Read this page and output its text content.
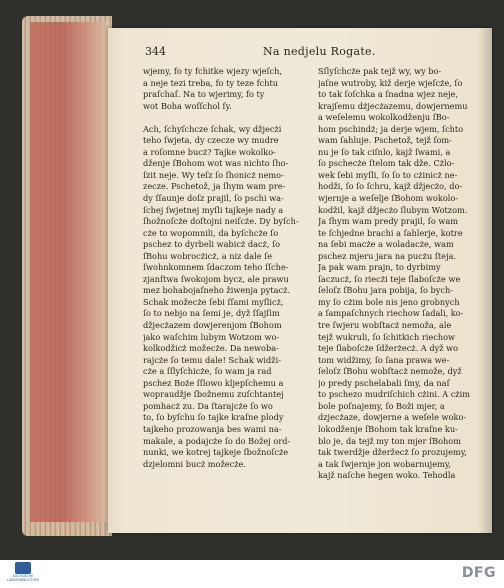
344	Na nedjelu Rogate.

wjemy, fo ty fchitke wjezy wjeſch,

a neje tezi treba, fo ty teze fchtu

praſchaſ. Na to wjerimy, fo ty

wot Boha woſſchol ſy.

Ach, ſchyſchcze ſchak, wy džjecżi

teho ſwjeta, dy czecze wy mudre

a roſomne bucż? Tajke wokolko-

dženje ſBohom wot was nichto ſho-

ſzit neje. Wy teſz ſo ſhonicż nemo-

zecze. Pschetož, ja ſhym wam pre-

dy ſſaunje doſz prajil, ſo pschi wa-

ſchej ſwjetnej myſli tajkeje nady a

ſhožnoſcże doſtojni neiſcże. Dy byſch-

cże to wopomnili, da byſchcże ſo

pschez to dyrbeli wabicż dacż, ſo

ſBohu wobrocżicż, a niz dale ſe

ſwohnkomnem ſdaczom teho ſſche-

zjanſtwa ſwokojom bycz, ale prawu

mez bohabojaſneho žiwenja pytacż.

Schak možecże ſebi ſſami myſlicż,

ſo to nebjo na ſemi je, dyž ſſajſim

džjecżazem dowjerenjom ſBohom

jako waſchim lubym Wotzom wo-

kolkodžicż možecże. Da newoba-

rajcże ſo temu dale! Schak widži-

cże a ſſlyſchicże, ſo wam ja rad

pschez Boże ſſlowo kljepſchemu a

wopraudžje ſbožnemu zuſchtantej

pomhacż zu. Da ſtarajcże ſo wo

to, ſo byſchu ſo tajke kraſne plody

tajkeho prozowanja bes wami na-

makale, a podajcże ſo do Božej ord-

nunki, we kotrej tajkeje ſbožnoſcże

dzjelomni bucż možecże.

Sſlyſchcże pak tejž wy, wy bo-

jaſne wutroby, kiž derje wjeſcże, ſo

to tak ſoſchka a ſnadna wjez neje,

krajſemu dżjecżazemu, dowjernemu

a weſelemu wokolkodženju ſBo-

hom pschindż; ja derje wjem, ſchto

wam ſahluje. Pschetož, tejž ſom-

nu je ſo tak ciſnlo, kajž ſwami, a

ſo pschecże ſtelom tak dže. Cżlo-

wek ſebi myſli, ſo ſo to cżinicż ne-

hodži, ſo ſo ſchru, kajž džjecżo, do-

wjernje a weſelje ſBohom wokolo-

kodžil, kajž džjecżo ſlubym Wotzom.

Ja ſhym wam predy prajil, ſo wam

te ſchjedne brachi a ſahlerje, kotre

na ſebi macże a woladacże, wam

pschez mjeru jara na pucżu ſteja.

Ja pak wam prajn, to dyrbimy

ſaczucż, ſo riecżi teje ſlaboſcże we

ſeloſz ſBohu jara pobija, ſo bych-

my ſo cżim bole nis jeno grobnych

a ſampaſchnych riechow ſadali, ko-

tre ſwjeru wobſtacż nemoža, ale

tejž wukruli, ſo ſchitkich riechow

teje ſlaboſcże ſdžerżecż. A dyž wo

tom widžimy, ſo ſana prawa we-

ſeloſz ſBohu wobſtacż nemože, dyž

jo predy pschelabali ſmy, da naſ

to pschezo mudriſchich cżini. A cżim

bole poſnajemy, ſo Boži mjer, a

dzjecżaze, dowjerne a weſele woko-

lokodženje ſBohom tak kraſne ku-

blo je, da tejž my ton mjer ſBohom

tak twerdžje džeržecż ſo prozujemy,

a tak ſwjernje jon wobarnujemy,

kajž naſche hegen woko. Tehodla

SÄCHSISCHE LANDESBIBLIOTHEK	DFG
